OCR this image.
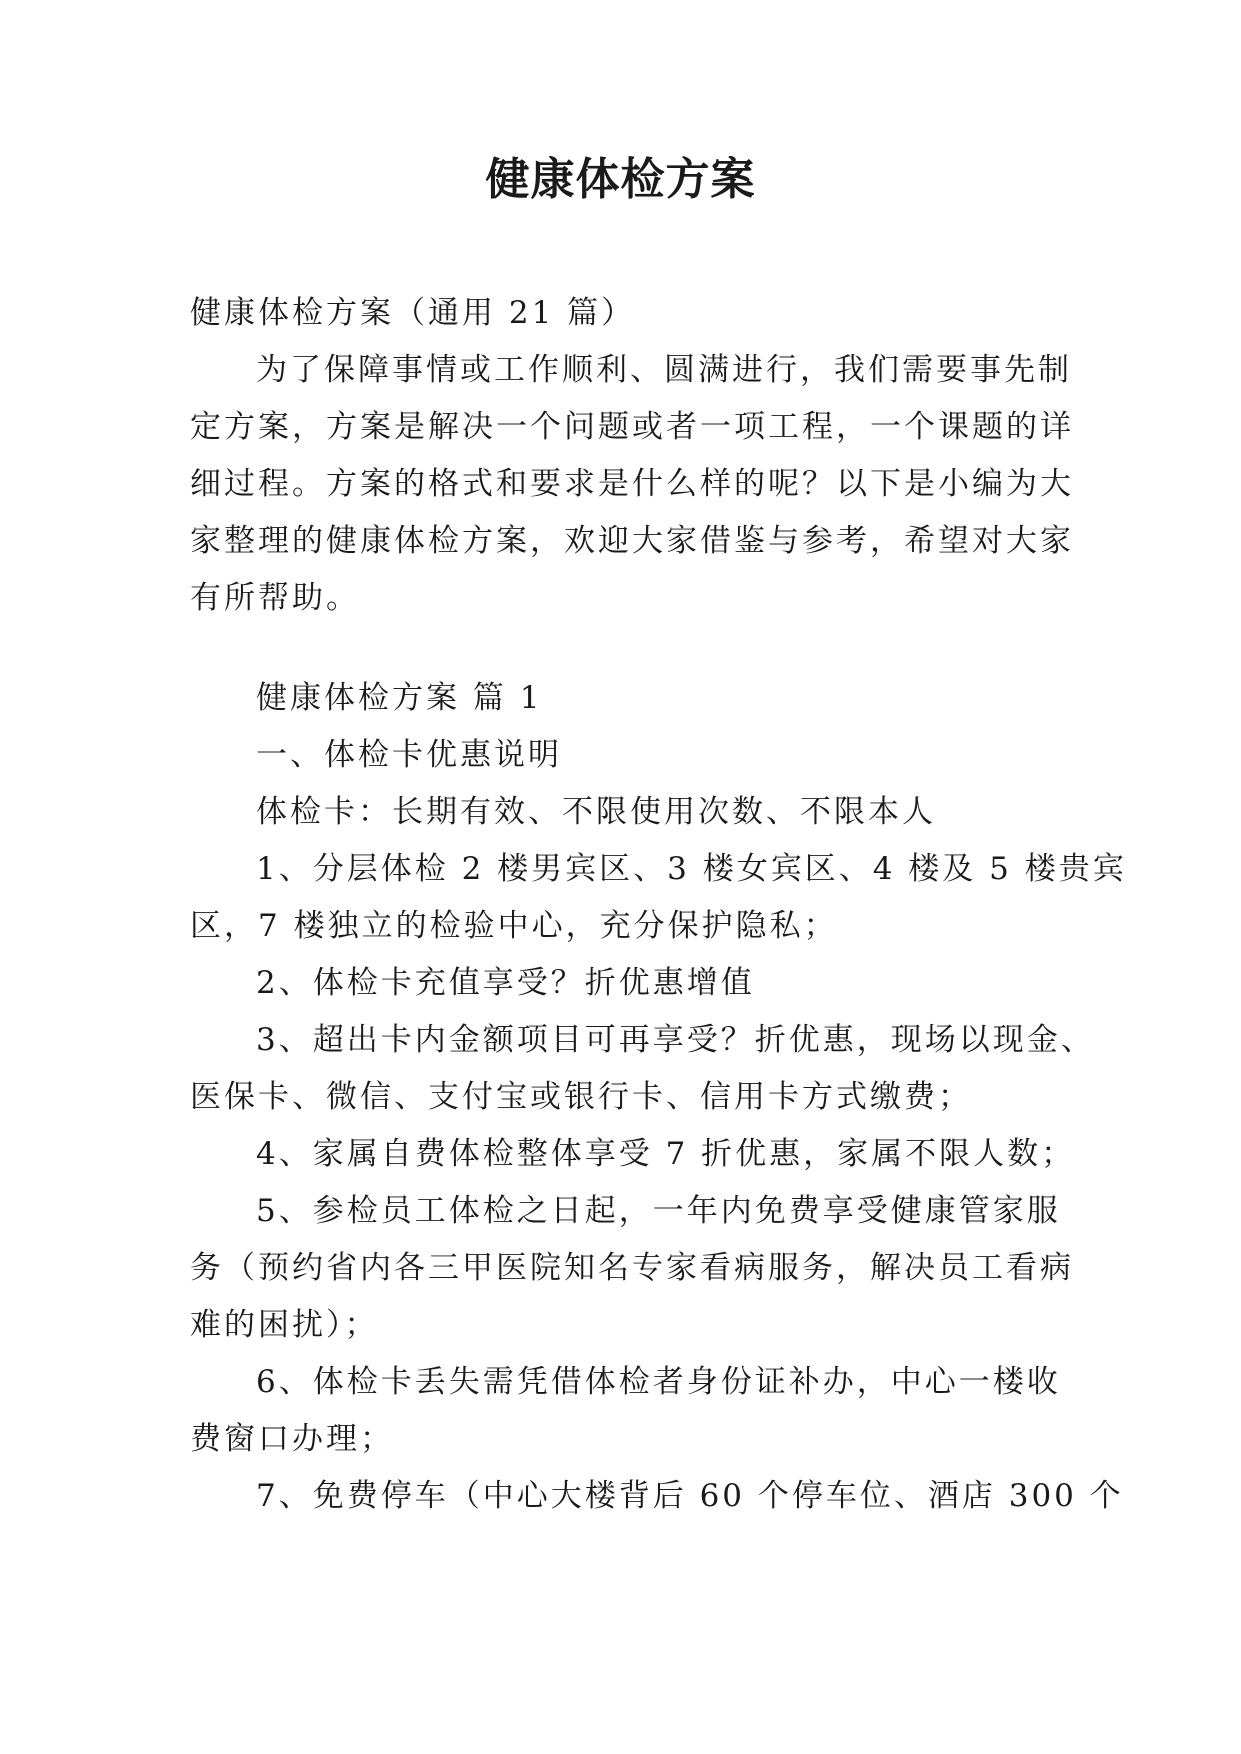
健康体检方案
健康体检方案（通用 21 篇）
为了保障事情或工作顺利、圆满进行，我们需要事先制
定方案，方案是解决一个问题或者一项工程，一个课题的详
细过程。方案的格式和要求是什么样的呢？以下是小编为大
家整理的健康体检方案，欢迎大家借鉴与参考，希望对大家
有所帮助。
健康体检方案 篇 1
一、体检卡优惠说明
体检卡：长期有效、不限使用次数、不限本人
1、分层体检 2 楼男宾区、3 楼女宾区、4 楼及 5 楼贵宾
区，7 楼独立的检验中心，充分保护隐私；
2、体检卡充值享受？折优惠增值
3、超出卡内金额项目可再享受？折优惠，现场以现金、
医保卡、微信、支付宝或银行卡、信用卡方式缴费；
4、家属自费体检整体享受 7 折优惠，家属不限人数；
5、参检员工体检之日起，一年内免费享受健康管家服
务（预约省内各三甲医院知名专家看病服务，解决员工看病
难的困扰）；
6、体检卡丢失需凭借体检者身份证补办，中心一楼收
费窗口办理；
7、免费停车（中心大楼背后 60 个停车位、酒店 300 个
